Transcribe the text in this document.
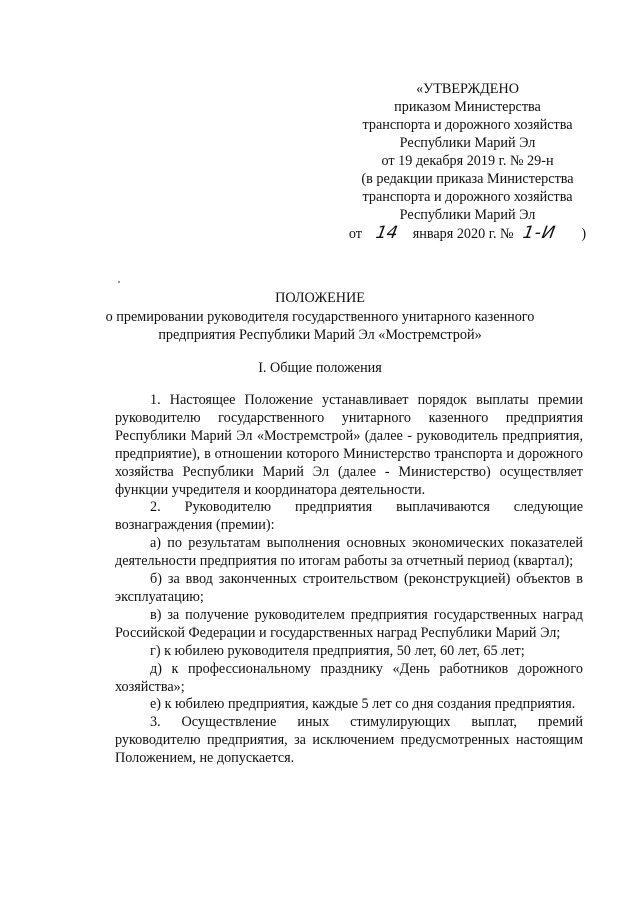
«УТВЕРЖДЕНО
приказом Министерства
транспорта и дорожного хозяйства
Республики Марий Эл
от 19 декабря 2019 г. № 29-н
(в редакции приказа Министерства
транспорта и дорожного хозяйства
Республики Марий Эл
от 14 января 2020 г. № 1-И )
ПОЛОЖЕНИЕ
о премировании руководителя государственного унитарного казенного
предприятия Республики Марий Эл «Мостремстрой»
I. Общие положения

1. Настоящее Положение устанавливает порядок выплаты премии руководителю государственного унитарного казенного предприятия Республики Марий Эл «Мостремстрой» (далее - руководитель предприятия, предприятие), в отношении которого Министерство транспорта и дорожного хозяйства Республики Марий Эл (далее - Министерство) осуществляет функции учредителя и координатора деятельности.

2. Руководителю предприятия выплачиваются следующие вознаграждения (премии):

а) по результатам выполнения основных экономических показателей деятельности предприятия по итогам работы за отчетный период (квартал);

б) за ввод законченных строительством (реконструкцией) объектов в эксплуатацию;

в) за получение руководителем предприятия государственных наград Российской Федерации и государственных наград Республики Марий Эл;

г) к юбилею руководителя предприятия, 50 лет, 60 лет, 65 лет;

д) к профессиональному празднику «День работников дорожного хозяйства»;

е) к юбилею предприятия, каждые 5 лет со дня создания предприятия.

3. Осуществление иных стимулирующих выплат, премий руководителю предприятия, за исключением предусмотренных настоящим Положением, не допускается.
